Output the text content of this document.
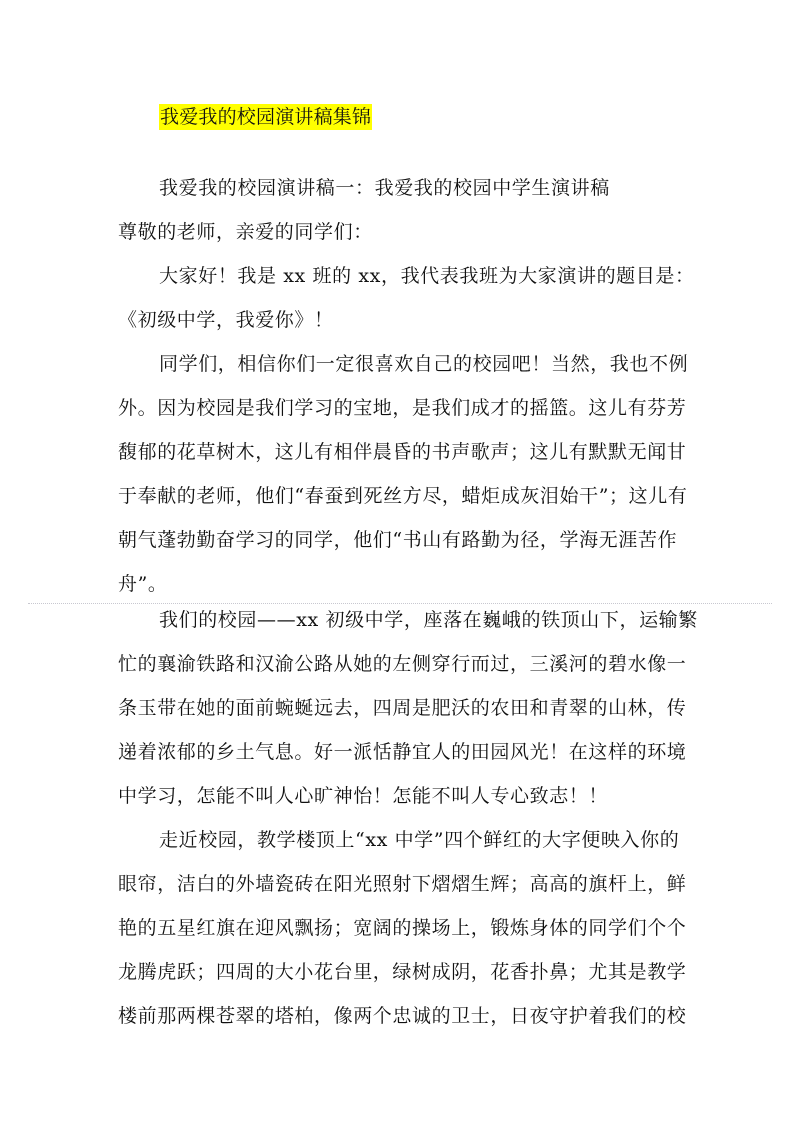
我爱我的校园演讲稿集锦
我爱我的校园演讲稿一：我爱我的校园中学生演讲稿
尊敬的老师，亲爱的同学们：
大家好！我是 xx 班的 xx，我代表我班为大家演讲的题目是：
《初级中学，我爱你》！
同学们，相信你们一定很喜欢自己的校园吧！当然，我也不例
外。因为校园是我们学习的宝地，是我们成才的摇篮。这儿有芬芳
馥郁的花草树木，这儿有相伴晨昏的书声歌声；这儿有默默无闻甘
于奉献的老师，他们“春蚕到死丝方尽，蜡炬成灰泪始干”；这儿有
朝气蓬勃勤奋学习的同学，他们“书山有路勤为径，学海无涯苦作
舟”。
我们的校园——xx 初级中学，座落在巍峨的铁顶山下，运输繁
忙的襄渝铁路和汉渝公路从她的左侧穿行而过，三溪河的碧水像一
条玉带在她的面前蜿蜒远去，四周是肥沃的农田和青翠的山林，传
递着浓郁的乡土气息。好一派恬静宜人的田园风光！在这样的环境
中学习，怎能不叫人心旷神怡！怎能不叫人专心致志！！
走近校园，教学楼顶上“xx 中学”四个鲜红的大字便映入你的
眼帘，洁白的外墙瓷砖在阳光照射下熠熠生辉；高高的旗杆上，鲜
艳的五星红旗在迎风飘扬；宽阔的操场上，锻炼身体的同学们个个
龙腾虎跃；四周的大小花台里，绿树成阴，花香扑鼻；尤其是教学
楼前那两棵苍翠的塔柏，像两个忠诚的卫士，日夜守护着我们的校
